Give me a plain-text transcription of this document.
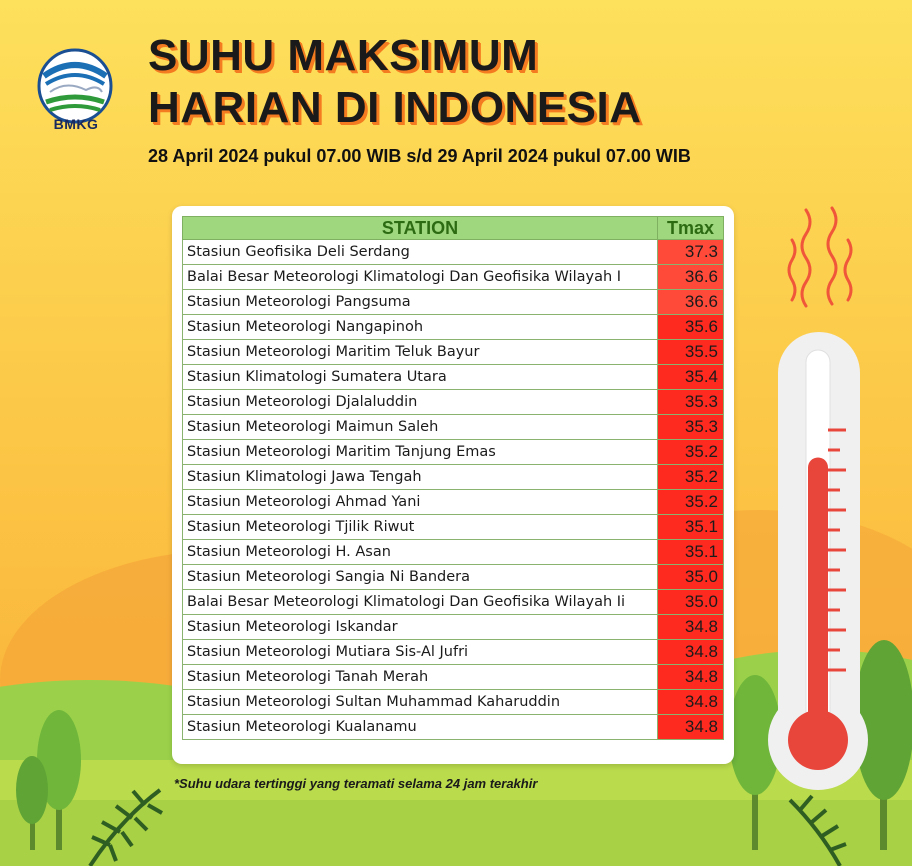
BMKG
SUHU MAKSIMUM
HARIAN DI INDONESIA
28 April 2024 pukul 07.00 WIB s/d 29 April 2024 pukul 07.00 WIB
STATION	Tmax
Stasiun Geofisika Deli Serdang	37.3
Balai Besar Meteorologi Klimatologi Dan Geofisika Wilayah I	36.6
Stasiun Meteorologi Pangsuma	36.6
Stasiun Meteorologi Nangapinoh	35.6
Stasiun Meteorologi Maritim Teluk Bayur	35.5
Stasiun Klimatologi Sumatera Utara	35.4
Stasiun Meteorologi Djalaluddin	35.3
Stasiun Meteorologi Maimun Saleh	35.3
Stasiun Meteorologi Maritim Tanjung Emas	35.2
Stasiun Klimatologi Jawa Tengah	35.2
Stasiun Meteorologi Ahmad Yani	35.2
Stasiun Meteorologi Tjilik Riwut	35.1
Stasiun Meteorologi H. Asan	35.1
Stasiun Meteorologi Sangia Ni Bandera	35.0
Balai Besar Meteorologi Klimatologi Dan Geofisika Wilayah Ii	35.0
Stasiun Meteorologi Iskandar	34.8
Stasiun Meteorologi Mutiara Sis-Al Jufri	34.8
Stasiun Meteorologi Tanah Merah	34.8
Stasiun Meteorologi Sultan Muhammad Kaharuddin	34.8
Stasiun Meteorologi Kualanamu	34.8
*Suhu udara tertinggi yang teramati selama 24 jam terakhir
